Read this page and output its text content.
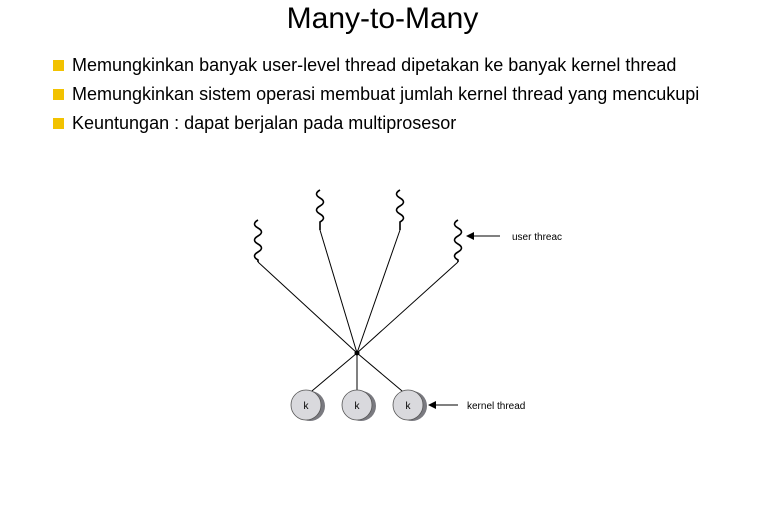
Many-to-Many
Memungkinkan banyak user-level thread dipetakan ke banyak kernel thread
Memungkinkan sistem operasi membuat jumlah kernel thread yang mencukupi
Keuntungan : dapat berjalan pada multiprosesor
user threac
k	k	k	kernel thread
